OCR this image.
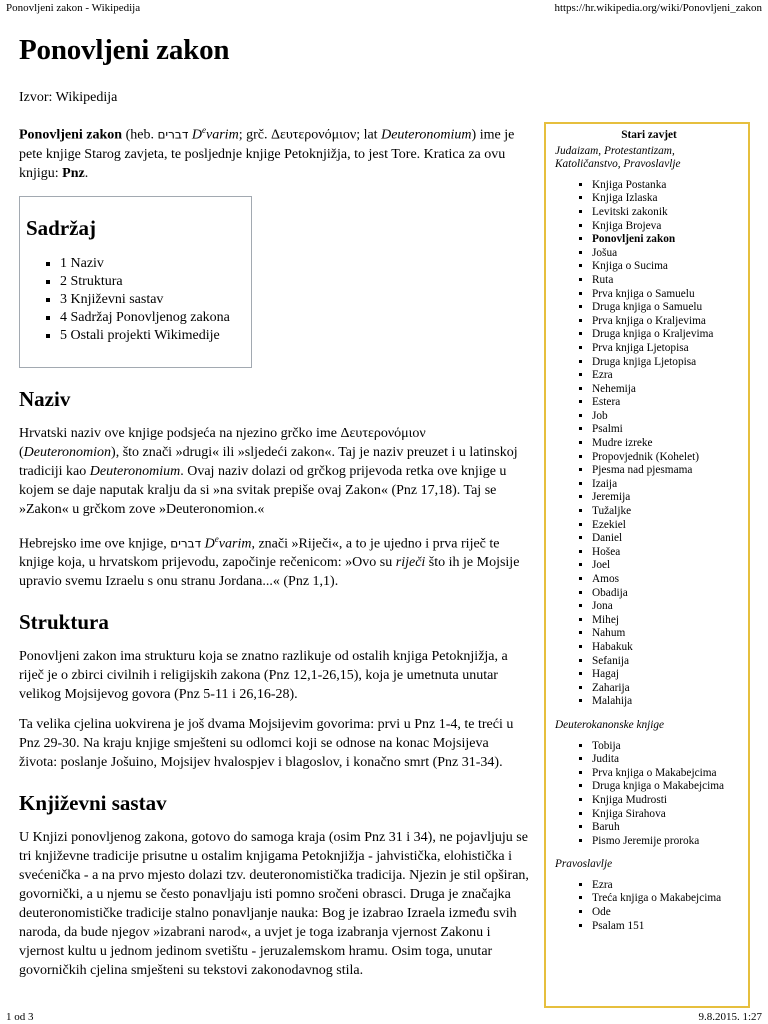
Ponovljeni zakon - Wikipedija	https://hr.wikipedia.org/wiki/Ponovljeni_zakon
Ponovljeni zakon
Izvor: Wikipedija

Ponovljeni zakon (heb. דברים Devarim; grč. Δευτερονόμιον; lat Deuteronomium) ime je pete knjige Starog zavjeta, te posljednje knjige Petoknjižja, to jest Tore. Kratica za ovu knjigu: Pnz.

Sadržaj
▪ 1 Naziv
▪ 2 Struktura
▪ 3 Književni sastav
▪ 4 Sadržaj Ponovljenog zakona
▪ 5 Ostali projekti Wikimedije
Naziv

Hrvatski naziv ove knjige podsjeća na njezino grčko ime Δευτερονόμιον (Deuteronomion), što znači »drugi« ili »sljedeći zakon«. Taj je naziv preuzet i u latinskoj tradiciji kao Deuteronomium. Ovaj naziv dolazi od grčkog prijevoda retka ove knjige u kojem se daje naputak kralju da si »na svitak prepiše ovaj Zakon« (Pnz 17,18). Taj se »Zakon« u grčkom zove »Deuteronomion.«

Hebrejsko ime ove knjige, דברים Devarim, znači »Riječi«, a to je ujedno i prva riječ te knjige koja, u hrvatskom prijevodu, započinje rečenicom: »Ovo su riječi što ih je Mojsije upravio svemu Izraelu s onu stranu Jordana...« (Pnz 1,1).

Struktura

Ponovljeni zakon ima strukturu koja se znatno razlikuje od ostalih knjiga Petoknjižja, a riječ je o zbirci civilnih i religijskih zakona (Pnz 12,1-26,15), koja je umetnuta unutar velikog Mojsijevog govora (Pnz 5-11 i 26,16-28).

Ta velika cjelina uokvirena je još dvama Mojsijevim govorima: prvi u Pnz 1-4, te treći u Pnz 29-30. Na kraju knjige smješteni su odlomci koji se odnose na konac Mojsijeva života: poslanje Jošuino, Mojsijev hvalospjev i blagoslov, i konačno smrt (Pnz 31-34).

Književni sastav

U Knjizi ponovljenog zakona, gotovo do samoga kraja (osim Pnz 31 i 34), ne pojavljuju se tri književne tradicije prisutne u ostalim knjigama Petoknjižja - jahvistička, elohistička i svećenička - a na prvo mjesto dolazi tzv. deuteronomistička tradicija. Njezin je stil opširan, govornički, a u njemu se često ponavljaju isti pomno sročeni obrasci. Druga je značajka deuteronomističke tradicije stalno ponavljanje nauka: Bog je izabrao Izraela između svih naroda, da bude njegov »izabrani narod«, a uvjet je toga izabranja vjernost Zakonu i vjernost kultu u jednom jedinom svetištu - jeruzalemskom hramu. Osim toga, unutar govorničkih cjelina smješteni su tekstovi zakonodavnog stila.

Stari zavjet

Judaizam, Protestantizam, Katoličanstvo, Pravoslavlje

▪ Knjiga Postanka
▪ Knjiga Izlaska
▪ Levitski zakonik
▪ Knjiga Brojeva
▪ Ponovljeni zakon
▪ Jošua
▪ Knjiga o Sucima
▪ Ruta
▪ Prva knjiga o Samuelu
▪ Druga knjiga o Samuelu
▪ Prva knjiga o Kraljevima
▪ Druga knjiga o Kraljevima
▪ Prva knjiga Ljetopisa
▪ Druga knjiga Ljetopisa
▪ Ezra
▪ Nehemija
▪ Estera
▪ Job
▪ Psalmi
▪ Mudre izreke
▪ Propovjednik (Kohelet)
▪ Pjesma nad pjesmama
▪ Izaija
▪ Jeremija
▪ Tužaljke
▪ Ezekiel
▪ Daniel
▪ Hošea
▪ Joel
▪ Amos
▪ Obadija
▪ Jona
▪ Mihej
▪ Nahum
▪ Habakuk
▪ Sefanija
▪ Hagaj
▪ Zaharija
▪ Malahija

Deuterokanonske knjige

▪ Tobija
▪ Judita
▪ Prva knjiga o Makabejcima
▪ Druga knjiga o Makabejcima
▪ Knjiga Mudrosti
▪ Knjiga Sirahova
▪ Baruh
▪ Pismo Jeremije proroka

Pravoslavlje

▪ Ezra
▪ Treća knjiga o Makabejcima
▪ Ode
▪ Psalam 151
1 od 3	9.8.2015. 1:27
